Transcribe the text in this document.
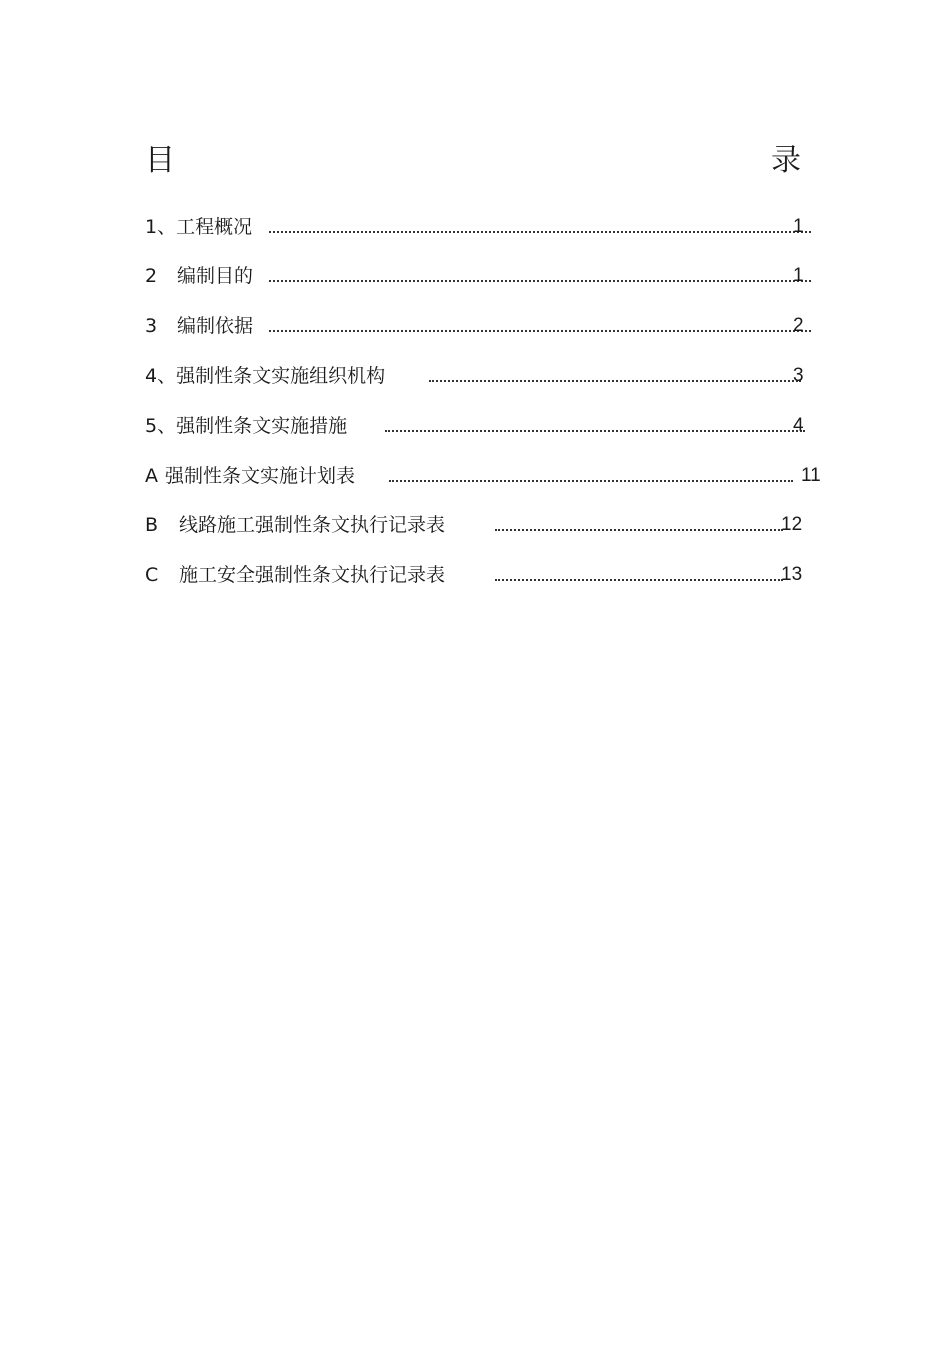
目	录
1、工程概况	1
2 编制目的	1
3 编制依据	2
4、强制性条文实施组织机构	3
5、强制性条文实施措施	4
A 强制性条文实施计划表	11
B 线路施工强制性条文执行记录表	12
C 施工安全强制性条文执行记录表	13
